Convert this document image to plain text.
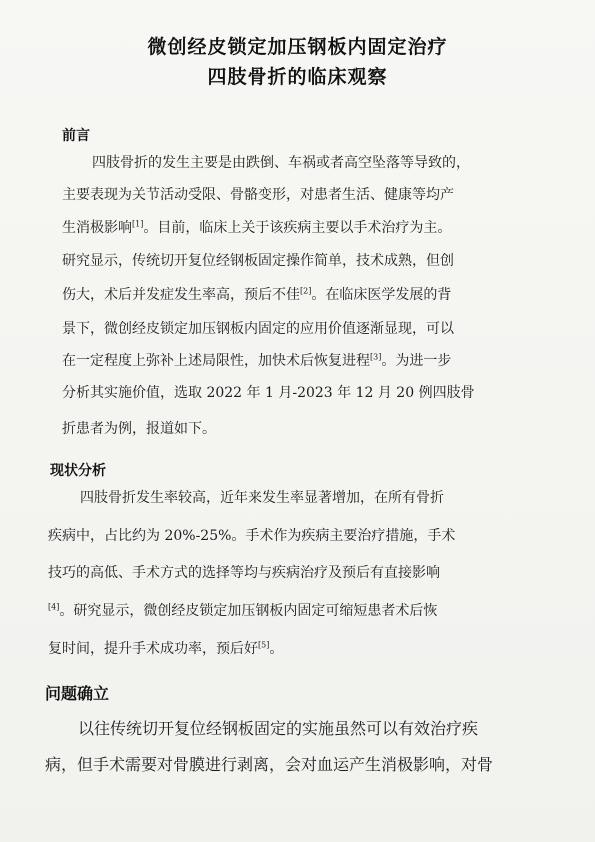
微创经皮锁定加压钢板内固定治疗
四肢骨折的临床观察
前言
四肢骨折的发生主要是由跌倒、车祸或者高空坠落等导致的，
主要表现为关节活动受限、骨骼变形，对患者生活、健康等均产
生消极影响[1]。目前，临床上关于该疾病主要以手术治疗为主。
研究显示，传统切开复位经钢板固定操作简单，技术成熟，但创
伤大，术后并发症发生率高，预后不佳[2]。在临床医学发展的背
景下，微创经皮锁定加压钢板内固定的应用价值逐渐显现，可以
在一定程度上弥补上述局限性，加快术后恢复进程[3]。为进一步
分析其实施价值，选取 2022 年 1 月-2023 年 12 月 20 例四肢骨
折患者为例，报道如下。
现状分析
四肢骨折发生率较高，近年来发生率显著增加，在所有骨折
疾病中，占比约为 20%-25%。手术作为疾病主要治疗措施，手术
技巧的高低、手术方式的选择等均与疾病治疗及预后有直接影响
[4]。研究显示，微创经皮锁定加压钢板内固定可缩短患者术后恢
复时间，提升手术成功率，预后好[5]。
问题确立
以往传统切开复位经钢板固定的实施虽然可以有效治疗疾
病，但手术需要对骨膜进行剥离，会对血运产生消极影响，对骨
